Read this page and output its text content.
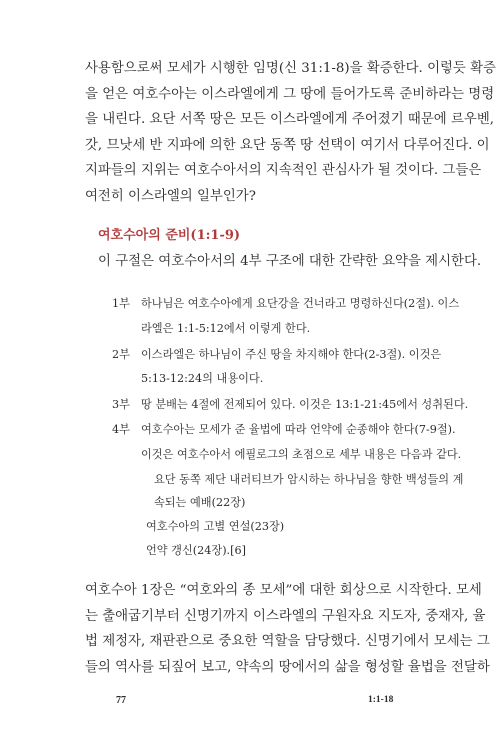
사용함으로써 모세가 시행한 임명(신 31:1-8)을 확증한다. 이렇듯 확증
을 얻은 여호수아는 이스라엘에게 그 땅에 들어가도록 준비하라는 명령
을 내린다. 요단 서쪽 땅은 모든 이스라엘에게 주어졌기 때문에 르우벤,
갓, 므낫세 반 지파에 의한 요단 동쪽 땅 선택이 여기서 다루어진다. 이
지파들의 지위는 여호수아서의 지속적인 관심사가 될 것이다. 그들은
여전히 이스라엘의 일부인가?

여호수아의 준비(1:1-9)

이 구절은 여호수아서의 4부 구조에 대한 간략한 요약을 제시한다.

1부 하나님은 여호수아에게 요단강을 건너라고 명령하신다(2절). 이스
라엘은 1:1-5:12에서 이렇게 한다.
2부 이스라엘은 하나님이 주신 땅을 차지해야 한다(2-3절). 이것은
5:13-12:24의 내용이다.
3부 땅 분배는 4절에 전제되어 있다. 이것은 13:1-21:45에서 성취된다.
4부 여호수아는 모세가 준 율법에 따라 언약에 순종해야 한다(7-9절).
이것은 여호수아서 에필로그의 초점으로 세부 내용은 다음과 같다.
요단 동쪽 제단 내러티브가 암시하는 하나님을 향한 백성들의 계
속되는 예배(22장)
여호수아의 고별 연설(23장)
언약 갱신(24장).[6]

여호수아 1장은 “여호와의 종 모세”에 대한 회상으로 시작한다. 모세
는 출애굽기부터 신명기까지 이스라엘의 구원자요 지도자, 중재자, 율
법 제정자, 재판관으로 중요한 역할을 담당했다. 신명기에서 모세는 그
들의 역사를 되짚어 보고, 약속의 땅에서의 삶을 형성할 율법을 전달하

77	1:1-18
